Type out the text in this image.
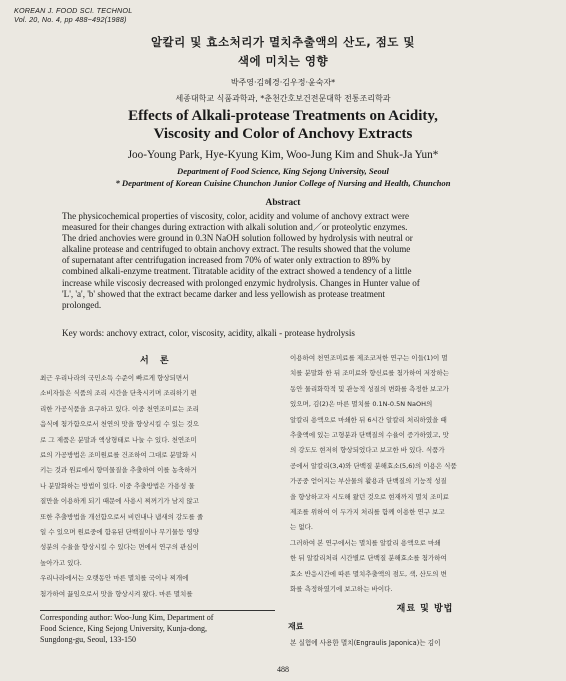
KOREAN J. FOOD SCI. TECHNOL
Vol. 20, No. 4, pp 488~492(1988)
알칼리 및 효소처리가 멸치추출액의 산도, 점도 및
색에 미치는 영향
박주영·김혜경·김우정·윤숙자*
세종대학교 식품과학과, *춘천간호보건전문대학 전통조리학과
Effects of Alkali-protease Treatments on Acidity,
Viscosity and Color of Anchovy Extracts
Joo-Young Park, Hye-Kyung Kim, Woo-Jung Kim and Shuk-Ja Yun*
Department of Food Science, King Sejong University, Seoul
* Department of Korean Cuisine Chunchon Junior College of Nursing and Health, Chunchon
Abstract
The physicochemical properties of viscosity, color, acidity and volume of anchovy extract were
measured for their changes during extraction with alkali solution and／or proteolytic enzymes.
The dried anchovies were ground in 0.3N NaOH solution followed by hydrolysis with neutral or
alkaline protease and centrifuged to obtain anchovy extract. The results showed that the volume
of supernatant after centrifugation increased from 70% of water only extraction to 89% by
combined alkali-enzyme treatment. Titratable acidity of the extract showed a tendency of a little
increase while viscosiy decreased with prolonged enzymic hydrolysis. Changes in Hunter value of
'L', 'a', 'b' showed that the extract became darker and less yellowish as protease treatment
prolonged.
Key words: anchovy extract, color, viscosity, acidity, alkali - protease hydrolysis
서 론
최근 우리나라의 국민소득 수준이 빠르게 향상되면서
소비자들은 식품의 조리 시간을 단축시키며 조리하기 편
리한 가공식품을 요구하고 있다. 이중 천연조미료는 조리
음식에 첨가함으로서 천연의 맛을 향상시킬 수 있는 것으
로 그 제품은 분말과 액상형태로 나눌 수 있다. 천연조미
료의 가공방법은 조미원료를 건조하여 그대로 분말화 시
키는 것과 원료에서 향미물질을 추출하여 이를 농축하거
나 분말화하는 방법이 있다. 이중 추출방법은 가용성 물
질만을 이용하게 되기 때문에 사용시 찌꺼기가 남지 않고
또한 추출방법을 개선함으로서 비린내나 냄새의 강도를 줄
일 수 있으며 원료중에 함유된 단백질이나 무기물등 영양
성분의 수율을 향상시킬 수 있다는 면에서 연구의 관심이
높아가고 있다.
우리나라에서는 오랫동안 마른 멸치를 국이나 찌개에
첨가하여 끓임으로서 맛을 향상시켜 왔다. 마른 멸치를
Corresponding author: Woo-Jung Kim, Department of
Food Science, King Sejong University, Kunja-dong,
Sungdong-gu, Seoul, 133-150
이용하여 천연조미료를 제조코저한 연구는 이들(1)이 멸
치를 분말화 한 뒤 조미료와 향신료를 첨가하여 저장하는
동안 물리화학적 및 관능적 성질의 변화를 측정한 보고가
있으며, 김(2)은 마른 멸치를 0.1N-0.5N NaOH의
알칼리 용액으로 마쇄한 뒤 6시간 알칼리 처리하였을 때
추출액에 있는 고형분과 단백질의 수율이 증가하였고, 맛
의 강도도 현저히 향상되었다고 보고한 바 있다. 식품가
공에서 알칼리(3,4)와 단백질 분해효소(5,6)의 이용은 식품
가공중 얻어지는 부산물의 활용과 단백질의 기능적 성질
을 향상하고자 시도해 왔던 것으로 현재까지 멸치 조미료
제조를 위하여 이 두가지 처리를 함께 이용한 연구 보고
는 없다.
그러하여 본 연구에서는 멸치를 알칼리 용액으로 마쇄
한 뒤 알칼리처리 시간별로 단백질 분해효소를 첨가하여
효소 반응시간에 따른 멸치추출액의 점도, 색, 산도의 변
화를 측정하였기에 보고하는 바이다.
재료 및 방법
재료
본 실험에 사용한 멸치(Engraulis Japonica)는 김이
488
